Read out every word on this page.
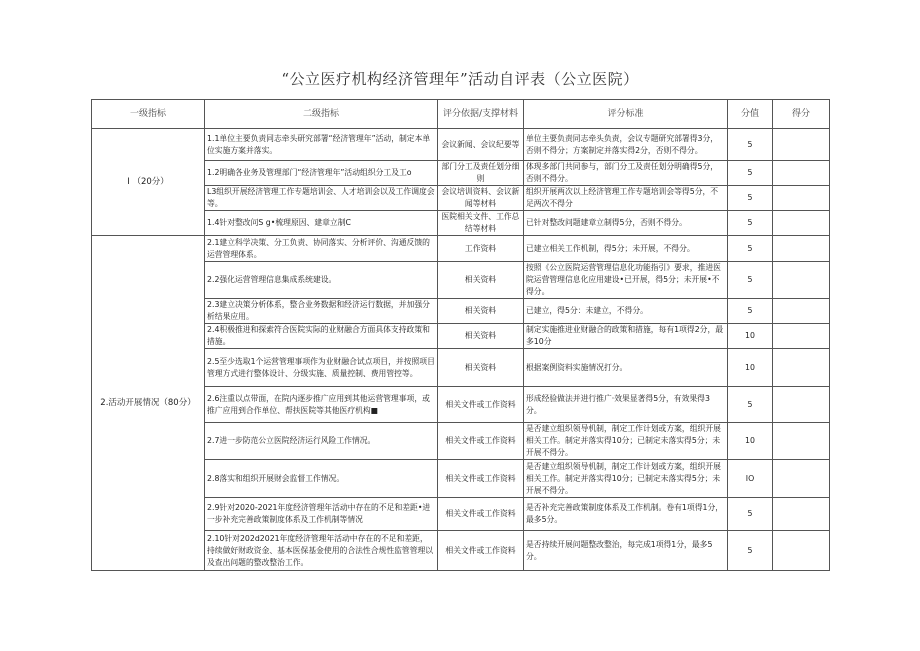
“公立医疗机构经济管理年”活动自评表（公立医院）
一级指标	二级指标	评分依据/支撑材料	评分标准	分值	得分
I （20分）	1.1单位主要负责同志牵头研究部署“经济管理年”活动，制定本单位实施方案并落实。	会议新闻、会议纪要等	单位主要负责同志牵头负责，会议专题研究部署得3分，否则不得分；方案制定并落实得2分，否则不得分。	5	
	1.2明确各业务及管理部门“经济管理年”活动组织分工及工o	部门分工及责任划分细则	体现多部门共同参与，部门分工及责任划分明确得5分，否则不得分。	5	
	L3组织开展经济管理工作专题培训会、人才培训会以及工作调度会等。	会议培训资料、会议新闻等材料	组织开展两次以上经济管理工作专题培训会等得5分，不足两次不得分	5	
	1.4针对整改问S g•梳理原因、建章立制C	医院相关文件、工作总结等材料	已针对整改问题建章立制得5分，否则不得分。	5	
2.活动开展情况（80分）	2.1建立科学决策、分工负责、协同落实、分析评价、沟通反馈的运营管理体系。	工作资料	已建立相关工作机制，得5分；未开展，不得分。	5	
	2.2强化运营管理信息集成系统建设。	相关资料	按照《公立医院运营管理信息化功能指引》要求，推进医院运营管理信息化应用建设•已开展，得5分；未开展•不得分。	5	
	2.3建立决策分析体系，整合业务数据和经济运行数据，并加强分析结果应用。	相关资料	已建立，得5分：未建立，不得分。	5	
	2.4积极推进和探索符合医院实际的业财融合方面具体支持政策和措施。	相关资料	制定实施推进业财融合的政策和措施，每有1项得2分，最多10分	10	
	2.5至少选取1个运营管理事项作为业财融合试点项目，并按照项目管理方式进行整体设计、分级实施、质量控制、费用管控等。	相关资料	根据案例资料实施情况打分。	10	
	2.6注重以点带面，在院内逐步推广应用到其他运营管理事项，或推广应用到合作单位、帮扶医院等其他医疗机构■	相关文件或工作资料	形成经验做法并进行推广·效果显著得5分，有效果得3分。	5	
	2.7进一步防范公立医院经济运行风险工作情况。	相关文件或工作资料	是否建立组织领导机制，制定工作计划或方案，组织开展相关工作。制定并落实得10分；已制定未落实得5分；未开展不得分。	10	
	2.8落实和组织开展财会监督工作情况。	相关文件或工作资料	是否建立组织领导机制，制定工作计划或方案，组织开展相关工作。制定并落实得10分；已制定未落实得5分；未开展不得分。	IO	
	2.9针对2020-2021年度经济管理年活动中存在的不足和差距•进一步补充完善政策制度体系及工作机制等情况	相关文件或工作资料	是否补充完善政策制度体系及工作机制。卷有1项得1分，最多5分。	5	
	2.10针对202d2021年度经济管理年活动中存在的不足和差距，持续做好财政资金、基本医保基金使用的合法性合规性监管管理以及查出问题的整改整治工作。	相关文件或工作资料	是否持续开展问题整改整治，每完成1项得1分，最多5分。	5	
